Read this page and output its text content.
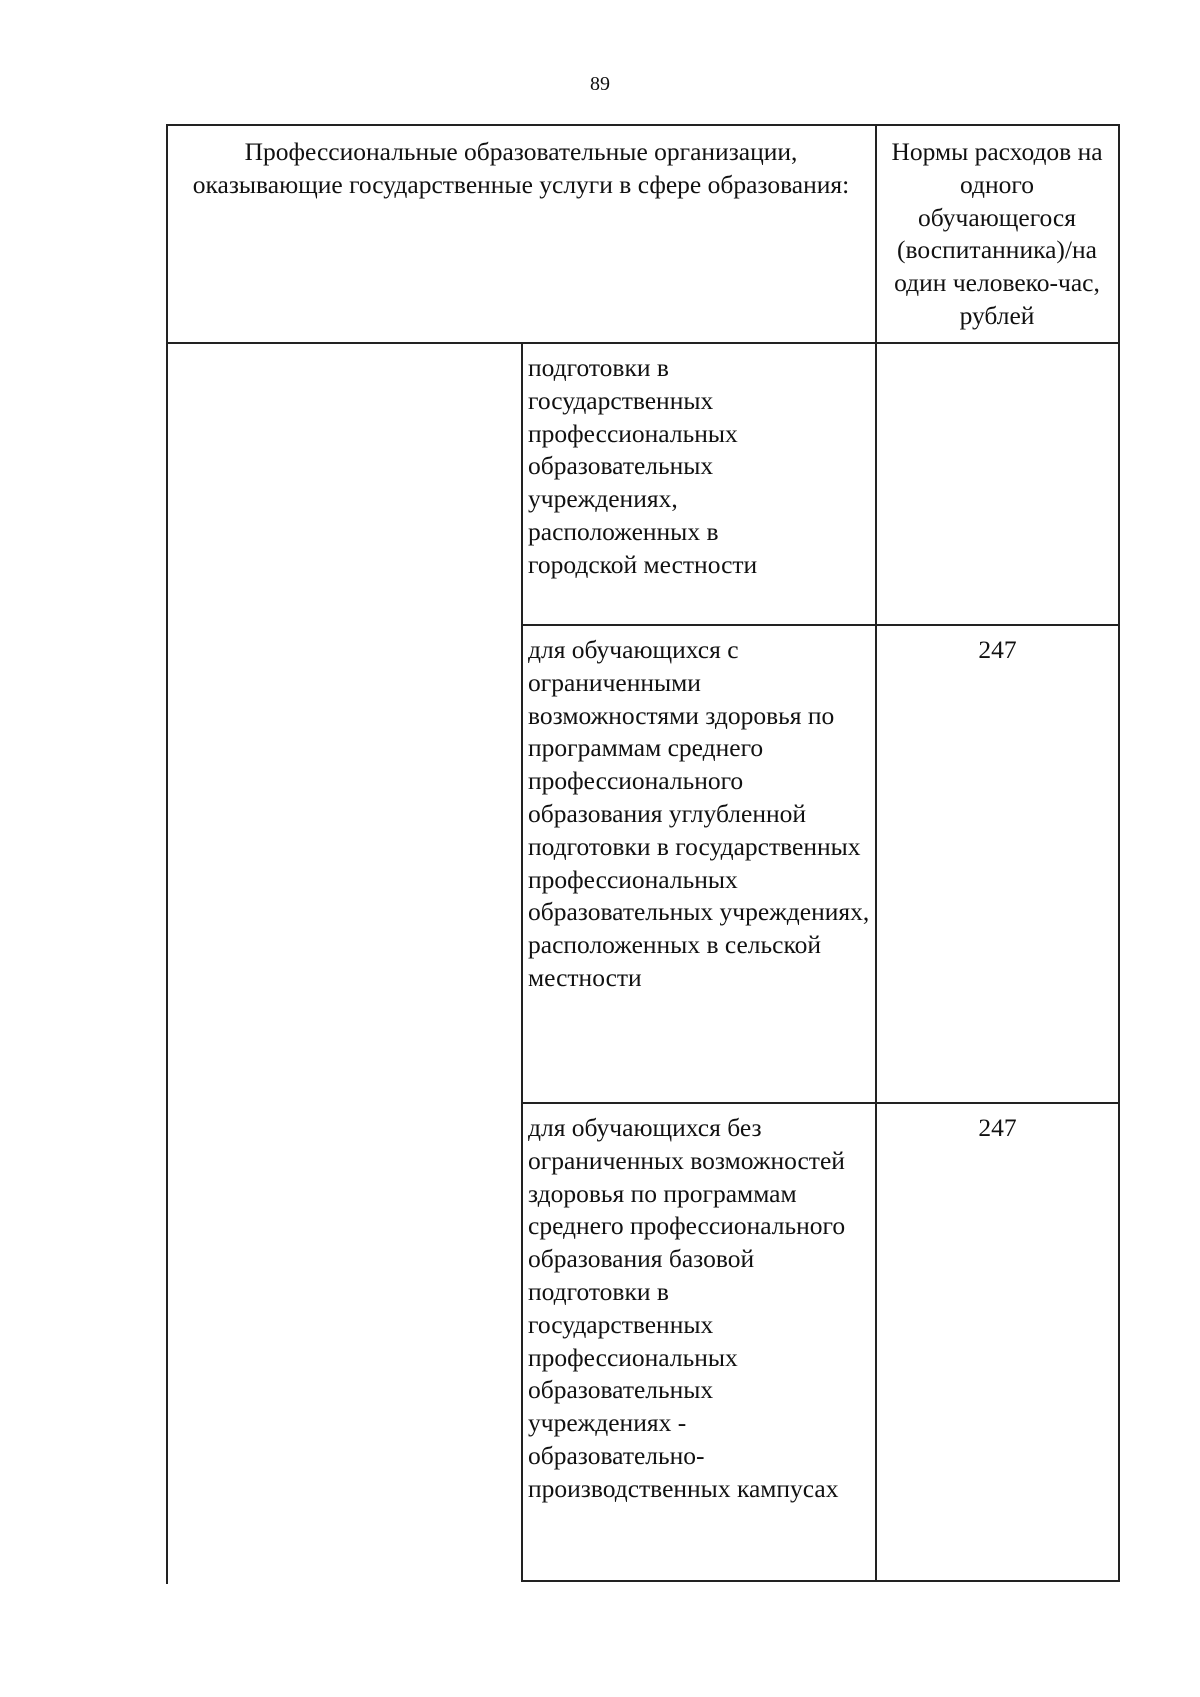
89
Профессиональные образовательные организации, оказывающие государственные услуги в сфере образования:
Нормы расходов на одного обучающегося (воспитанника)/на один человеко-час, рублей
подготовки в государственных профессиональных образовательных учреждениях, расположенных в городской местности
для обучающихся с ограниченными возможностями здоровья по программам среднего профессионального образования углубленной подготовки в государственных профессиональных образовательных учреждениях, расположенных в сельской местности
247
для обучающихся без ограниченных возможностей здоровья по программам среднего профессионального образования базовой подготовки в государственных профессиональных образовательных учреждениях - образовательно-производственных кампусах
247
